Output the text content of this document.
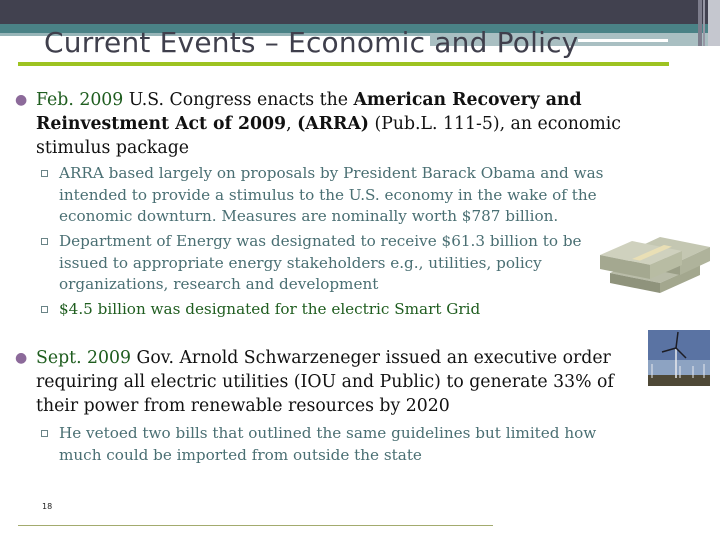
Current Events – Economic and Policy
● Feb. 2009 U.S. Congress enacts the American Recovery and Reinvestment Act of 2009, (ARRA) (Pub.L. 111-5), an economic stimulus package
ARRA based largely on proposals by President Barack Obama and was intended to provide a stimulus to the U.S. economy in the wake of the economic downturn. Measures are nominally worth $787 billion.
Department of Energy was designated to receive $61.3 billion to be issued to appropriate energy stakeholders e.g., utilities, policy organizations, research and development
$4.5 billion was designated for the electric Smart Grid
● Sept. 2009 Gov. Arnold Schwarzeneger issued an executive order requiring all electric utilities (IOU and Public) to generate 33% of their power from renewable resources by 2020
He vetoed two bills that outlined the same guidelines but limited how much could be imported from outside the state
18
